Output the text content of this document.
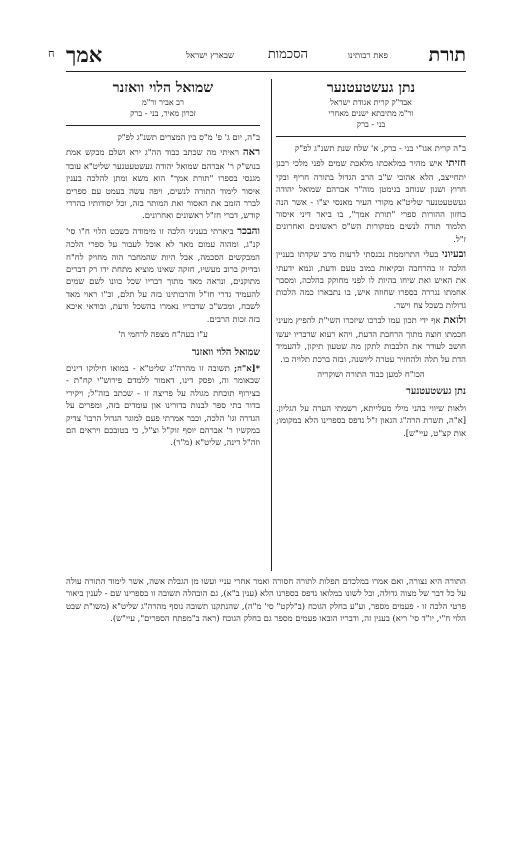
תורת
פאת רבותינו
הסכמות
שבארץ ישראל
אמך
ח
נתן געשטעטנער
אבד"ק קרית אגודת ישראל
ור"מ מתיבתא ישנים מאחרי
בני - ברק

ב"ה קרית אגו"י בני - ברק, א' שלח שנת תשנ"ג לפ"ק

חזיתי איש מהיר במלאכתו מלאכת שמים לפני מלכי רבנן יתחייצב, הלא אהובי ש"ב הרב הגדול בתורה חריף ובקי חרוץ ושנון שנוחב בגימטן מוה"ר אברהם שמואל יהודה געשטעטנער שליט"א מקורי העיר מאנסי יצ"ו - אשר הנה בחזון ההורות ספרי "תורת אמך", בו ביאר דיני איסור תלמוד תורה לנשים ממקורות הש"ס ראשונים ואחרונים ז"ל.

ובעיוני בעלי התרוממת נכנסתי לרעות מרב שקדתו בעניין הלכה זו בהרחבה ובקיאות במוב טעם ודעת, ונמא ידעתי את האיש ואת שיחו בהיות לו לפני מחוקק בהלכה, ומסבר אחמתו נגררה בספרו שחוזה איש, בו נתבארו כמה הלכות גדולות בשכל צח וישר.

ולזאת אף ידי תכון עמו לברכו שיזכרו השי"ת להפיץ מעיני חכמתו חוצה מתוך הרחבת הדעת, ויהא רעוא שדבריו יעשו חושב לעודר את הלבבות לתקן מה שטעון תיקון, להעמיד הדת על תלה ולהחזיר עטרה ליושנה, ובזה ברכת תלויה בו.

הכו"ח למען כבוד התורה ושוקריה

נתן געשטעטנער

ולאות שיווי בהני מילי מעלייתא, רשמתי הערה על הגליון. [א"ה, תשרת הרה"ג הגאון ז"ל נדפס בספרינו הלא במקומו; אות קצ"ט, עיי"ש].

שמואל הלוי וואזנר
רב אביר ור"מ
זכרון מאיר, בני - ברק

ב"ה, יום ג' פ' מ"ס בין המצרים תשנ"ג לפ"ק

ראה ראיתי מה שכתב כבוד הה"ג ירא ושלם מבקש אמת בנוש"ק ר' אברהם שמואל יהודה געשטעטנער שליט"א עובד מגנסי בספרו "תורת אמך" הוא משא ומתן להלכה בענין איסור לימוד התורה לנשים, ויפה עשה בעמט עם ספרים לברר הזמב את האסור ואת המותר בזה, וכל יסודותיו בהררי קודש, דברי חז"ל ראשונים ואחרונים.

והבכר ביארתי בעניני הלכה זו מימודה בשבט הלוי ח"ו סי' קנ"ג, ומהוה עמום מאד לא אוכל לעבור על ספרי הלכה המבקשים הסכמה, אבל היות שהמחבר הוה מחויק לח"ח ובדיוק ברוב מעשיו, חזקה שאינו מוציא מתחת ידו רק דברים מתוקנים, ונראה מאד מתוך דבריו שכל כוונו לשם שמים להעמיד גדרי חז"ל והרבותינו בזה על תלם, וכ"ו ראוי מאד לשבח, ומכש"כ שדבריו נאמרו בהשכל ודעת, ובודאי איכא בזה זכות הרבים.

ע"ז בעה"ח מצפה לרחמי ה'

שמואל הלוי וואזנר

*[א"ה; תשובה זו מהרה"ג שליט"א - במואו חילוקו דינים שבאומר וה, ופסק דינו, דאמור ללמדם פירוש"י קח"ת - בצירוף תוכחת מגולה על פריצה זו - שכתב בזה"ל; ויקירי בדור בתי ספר לבנות בדורינו און עומדים בזה, ומפרים על הגדרה וגו' הלכה, וכבר אמרתי פעם למוגר הגדול הרבו' צדיק במקשיו ר' אברהם יוסף זוק"ל וצ"ל, כי בטובכם ויראים הם וזה"ל דינה, שליט"א (מ"ר).

התורה היא נצורה, ואם אמרו במלכדם תפלות לתורה חסורה ואמר אחרי עניי ועשו מן הגבלת אשה, אשר לימוד התורה עולה על כל דבר של מצוה גדולה, וכל לשונו במלואו נדפס בספרנו הלא (ענין ב"א), גם הובהלה תשובה זו בספרינו שם - לענין ביאור פרטי הלכה זו - פעמים מספר, וע"ע בחלק הגוכח (ב"לקט" סי' מ"ה), שהנתקנו תשובה נוסף מהרה"ג שליט"א (משו"ת שבט הלוי ח"י, יו"ד סי' ריא) בענין זה, ודבריו הובאו פעמים מספר גם בחלק הגוכח (ראה ב"מפתח הספרים", עיי"ש).
